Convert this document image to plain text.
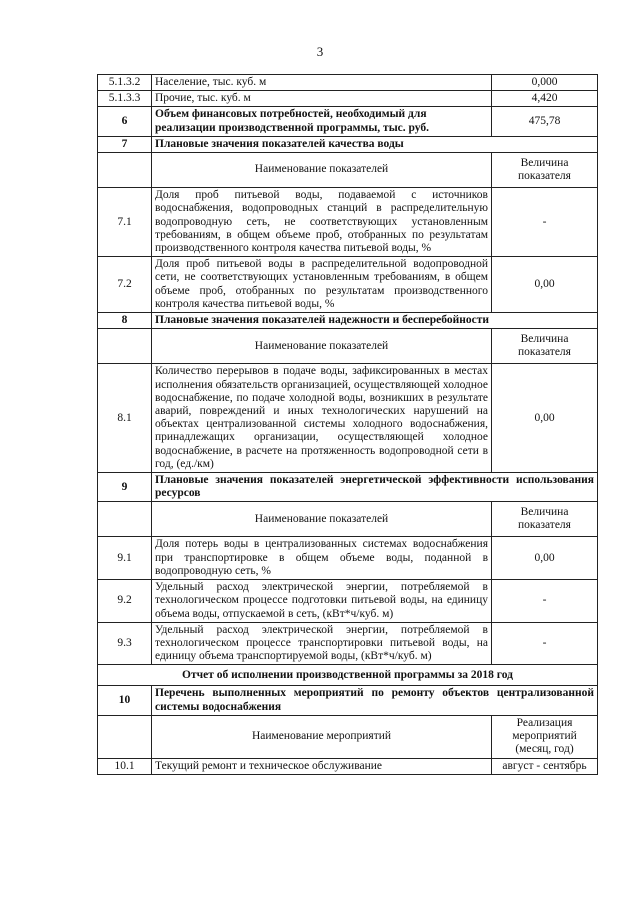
3
5.1.3.2	Население, тыс. куб. м	0,000
5.1.3.3	Прочие, тыс. куб. м	4,420
6	Объем финансовых потребностей, необходимый для реализации производственной программы, тыс. руб.	475,78
7	Плановые значения показателей качества воды	
	Наименование показателей	Величина показателя
7.1	Доля проб питьевой воды, подаваемой с источников водоснабжения, водопроводных станций в распределительную водопроводную сеть, не соответствующих установленным требованиям, в общем объеме проб, отобранных по результатам производственного контроля качества питьевой воды, %	-
7.2	Доля проб питьевой воды в распределительной водопроводной сети, не соответствующих установленным требованиям, в общем объеме проб, отобранных по результатам производственного контроля качества питьевой воды, %	0,00
8	Плановые значения показателей надежности и бесперебойности	
	Наименование показателей	Величина показателя
8.1	Количество перерывов в подаче воды, зафиксированных в местах исполнения обязательств организацией, осуществляющей холодное водоснабжение, по подаче холодной воды, возникших в результате аварий, повреждений и иных технологических нарушений на объектах централизованной системы холодного водоснабжения, принадлежащих организации, осуществляющей холодное водоснабжение, в расчете на протяженность водопроводной сети в год, (ед./км)	0,00
9	Плановые значения показателей энергетической эффективности использования ресурсов	
	Наименование показателей	Величина показателя
9.1	Доля потерь воды в централизованных системах водоснабжения при транспортировке в общем объеме воды, поданной в водопроводную сеть, %	0,00
9.2	Удельный расход электрической энергии, потребляемой в технологическом процессе подготовки питьевой воды, на единицу объема воды, отпускаемой в сеть, (кВт*ч/куб. м)	-
9.3	Удельный расход электрической энергии, потребляемой в технологическом процессе транспортировки питьевой воды, на единицу объема транспортируемой воды, (кВт*ч/куб. м)	-
Отчет об исполнении производственной программы за 2018 год		
10	Перечень выполненных мероприятий по ремонту объектов централизованной системы водоснабжения	
	Наименование мероприятий	Реализация мероприятий (месяц, год)
10.1	Текущий ремонт и техническое обслуживание	август - сентябрь
